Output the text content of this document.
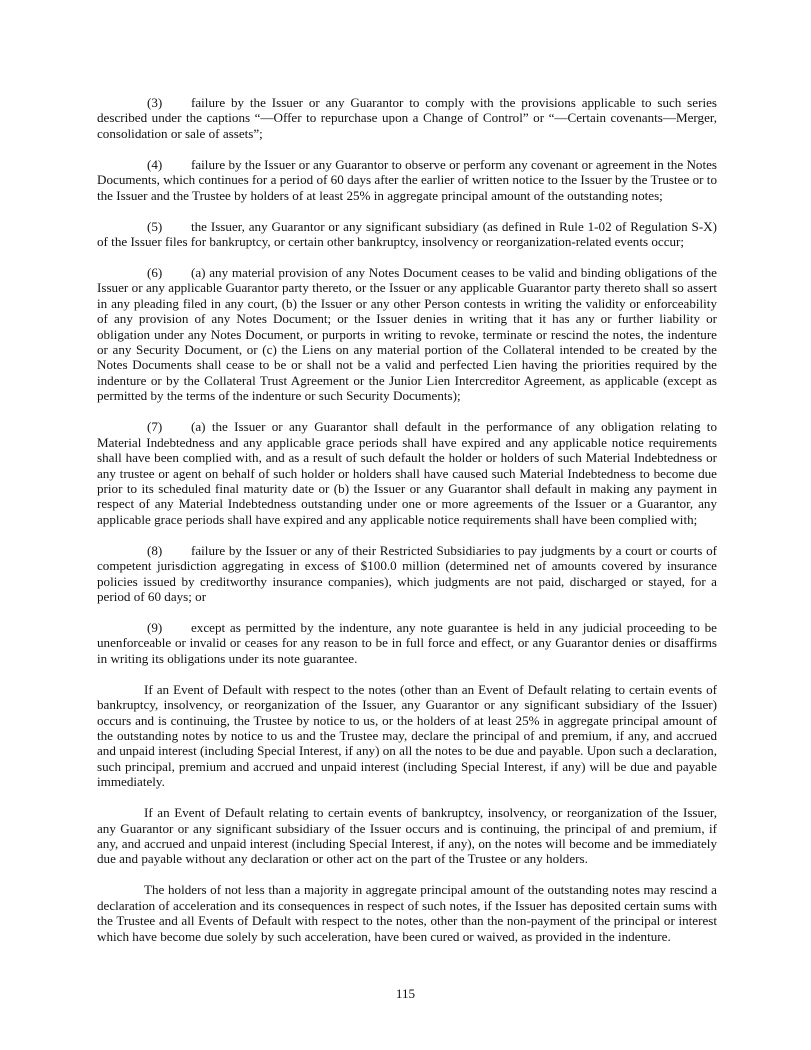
(3) failure by the Issuer or any Guarantor to comply with the provisions applicable to such series described under the captions “—Offer to repurchase upon a Change of Control” or “—Certain covenants—Merger, consolidation or sale of assets”;
(4) failure by the Issuer or any Guarantor to observe or perform any covenant or agreement in the Notes Documents, which continues for a period of 60 days after the earlier of written notice to the Issuer by the Trustee or to the Issuer and the Trustee by holders of at least 25% in aggregate principal amount of the outstanding notes;
(5) the Issuer, any Guarantor or any significant subsidiary (as defined in Rule 1-02 of Regulation S-X) of the Issuer files for bankruptcy, or certain other bankruptcy, insolvency or reorganization-related events occur;
(6) (a) any material provision of any Notes Document ceases to be valid and binding obligations of the Issuer or any applicable Guarantor party thereto, or the Issuer or any applicable Guarantor party thereto shall so assert in any pleading filed in any court, (b) the Issuer or any other Person contests in writing the validity or enforceability of any provision of any Notes Document; or the Issuer denies in writing that it has any or further liability or obligation under any Notes Document, or purports in writing to revoke, terminate or rescind the notes, the indenture or any Security Document, or (c) the Liens on any material portion of the Collateral intended to be created by the Notes Documents shall cease to be or shall not be a valid and perfected Lien having the priorities required by the indenture or by the Collateral Trust Agreement or the Junior Lien Intercreditor Agreement, as applicable (except as permitted by the terms of the indenture or such Security Documents);
(7) (a) the Issuer or any Guarantor shall default in the performance of any obligation relating to Material Indebtedness and any applicable grace periods shall have expired and any applicable notice requirements shall have been complied with, and as a result of such default the holder or holders of such Material Indebtedness or any trustee or agent on behalf of such holder or holders shall have caused such Material Indebtedness to become due prior to its scheduled final maturity date or (b) the Issuer or any Guarantor shall default in making any payment in respect of any Material Indebtedness outstanding under one or more agreements of the Issuer or a Guarantor, any applicable grace periods shall have expired and any applicable notice requirements shall have been complied with;
(8) failure by the Issuer or any of their Restricted Subsidiaries to pay judgments by a court or courts of competent jurisdiction aggregating in excess of $100.0 million (determined net of amounts covered by insurance policies issued by creditworthy insurance companies), which judgments are not paid, discharged or stayed, for a period of 60 days; or
(9) except as permitted by the indenture, any note guarantee is held in any judicial proceeding to be unenforceable or invalid or ceases for any reason to be in full force and effect, or any Guarantor denies or disaffirms in writing its obligations under its note guarantee.

If an Event of Default with respect to the notes (other than an Event of Default relating to certain events of bankruptcy, insolvency, or reorganization of the Issuer, any Guarantor or any significant subsidiary of the Issuer) occurs and is continuing, the Trustee by notice to us, or the holders of at least 25% in aggregate principal amount of the outstanding notes by notice to us and the Trustee may, declare the principal of and premium, if any, and accrued and unpaid interest (including Special Interest, if any) on all the notes to be due and payable. Upon such a declaration, such principal, premium and accrued and unpaid interest (including Special Interest, if any) will be due and payable immediately.

If an Event of Default relating to certain events of bankruptcy, insolvency, or reorganization of the Issuer, any Guarantor or any significant subsidiary of the Issuer occurs and is continuing, the principal of and premium, if any, and accrued and unpaid interest (including Special Interest, if any), on the notes will become and be immediately due and payable without any declaration or other act on the part of the Trustee or any holders.

The holders of not less than a majority in aggregate principal amount of the outstanding notes may rescind a declaration of acceleration and its consequences in respect of such notes, if the Issuer has deposited certain sums with the Trustee and all Events of Default with respect to the notes, other than the non-payment of the principal or interest which have become due solely by such acceleration, have been cured or waived, as provided in the indenture.

115
